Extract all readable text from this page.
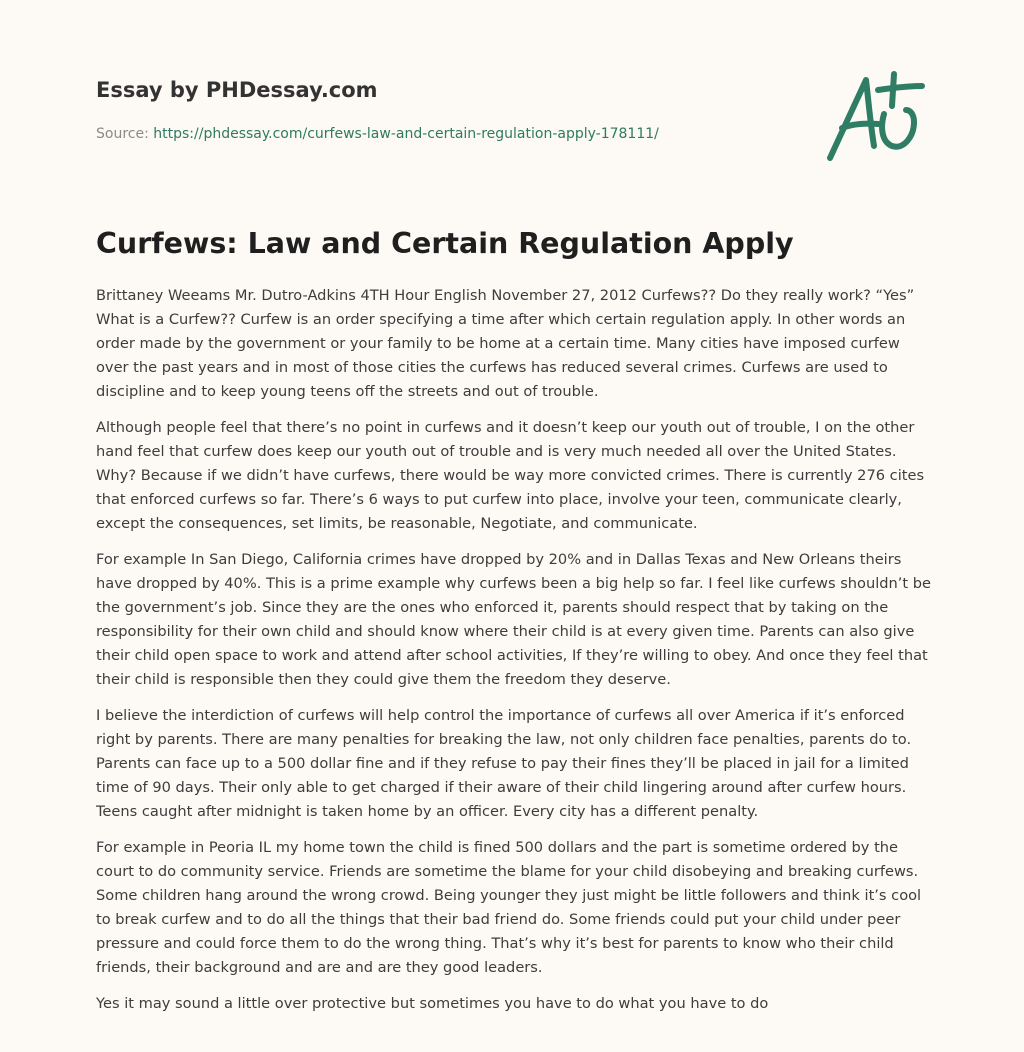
Essay by PHDessay.com
Source: https://phdessay.com/curfews-law-and-certain-regulation-apply-178111/
Curfews: Law and Certain Regulation Apply

Brittaney Weeams Mr. Dutro-Adkins 4TH Hour English November 27, 2012 Curfews?? Do they really work? “Yes” What is a Curfew?? Curfew is an order specifying a time after which certain regulation apply. In other words an order made by the government or your family to be home at a certain time. Many cities have imposed curfew over the past years and in most of those cities the curfews has reduced several crimes. Curfews are used to discipline and to keep young teens off the streets and out of trouble.

Although people feel that there’s no point in curfews and it doesn’t keep our youth out of trouble, I on the other hand feel that curfew does keep our youth out of trouble and is very much needed all over the United States. Why? Because if we didn’t have curfews, there would be way more convicted crimes. There is currently 276 cites that enforced curfews so far. There’s 6 ways to put curfew into place, involve your teen, communicate clearly, except the consequences, set limits, be reasonable, Negotiate, and communicate.

For example In San Diego, California crimes have dropped by 20% and in Dallas Texas and New Orleans theirs have dropped by 40%. This is a prime example why curfews been a big help so far. I feel like curfews shouldn’t be the government’s job. Since they are the ones who enforced it, parents should respect that by taking on the responsibility for their own child and should know where their child is at every given time. Parents can also give their child open space to work and attend after school activities, If they’re willing to obey. And once they feel that their child is responsible then they could give them the freedom they deserve.

I believe the interdiction of curfews will help control the importance of curfews all over America if it’s enforced right by parents. There are many penalties for breaking the law, not only children face penalties, parents do to. Parents can face up to a 500 dollar fine and if they refuse to pay their fines they’ll be placed in jail for a limited time of 90 days. Their only able to get charged if their aware of their child lingering around after curfew hours. Teens caught after midnight is taken home by an officer. Every city has a different penalty.

For example in Peoria IL my home town the child is fined 500 dollars and the part is sometime ordered by the court to do community service. Friends are sometime the blame for your child disobeying and breaking curfews. Some children hang around the wrong crowd. Being younger they just might be little followers and think it’s cool to break curfew and to do all the things that their bad friend do. Some friends could put your child under peer pressure and could force them to do the wrong thing. That’s why it’s best for parents to know who their child friends, their background and are and are they good leaders.

Yes it may sound a little over protective but sometimes you have to do what you have to do
